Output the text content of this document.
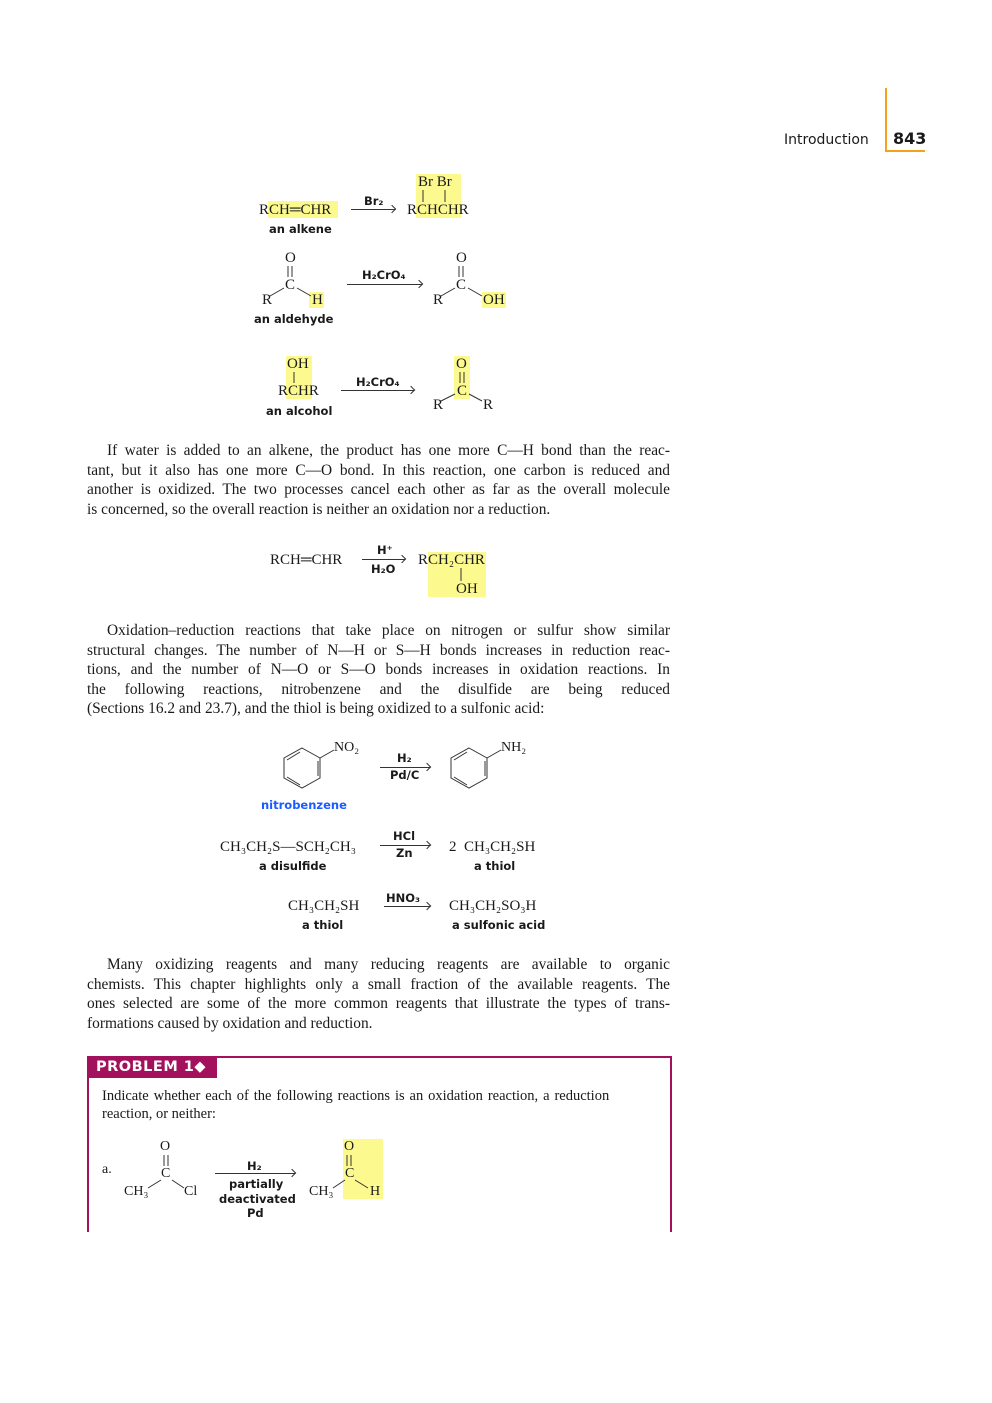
Introduction 843
RCH═CHR
an alkene
Br₂
Br Br
RCHCHR
O
C
R	H
an aldehyde
H₂CrO₄
O
C
R	OH
OH
RCHR
an alcohol
H₂CrO₄
O
C
R	R
If water is added to an alkene, the product has one more C—H bond than the reac-
tant, but it also has one more C—O bond. In this reaction, one carbon is reduced and
another is oxidized. The two processes cancel each other as far as the overall molecule
is concerned, so the overall reaction is neither an oxidation nor a reduction.
RCH═CHR
H⁺
H₂O
RCH₂CHR
OH
Oxidation–reduction reactions that take place on nitrogen or sulfur show similar
structural changes. The number of N—H or S—H bonds increases in reduction reac-
tions, and the number of N—O or S—O bonds increases in oxidation reactions. In
the following reactions, nitrobenzene and the disulfide are being reduced
(Sections 16.2 and 23.7), and the thiol is being oxidized to a sulfonic acid:
NO₂
nitrobenzene
H₂
Pd/C
NH₂
CH₃CH₂S—SCH₂CH₃
a disulfide
HCl
Zn 2  CH₃CH₂SH
a thiol
CH₃CH₂SH
a thiol
HNO₃ CH₃CH₂SO₃H
a sulfonic acid
Many oxidizing reagents and many reducing reagents are available to organic
chemists. This chapter highlights only a small fraction of the available reagents. The
ones selected are some of the more common reagents that illustrate the types of trans-
formations caused by oxidation and reduction.
PROBLEM 1◆
Indicate whether each of the following reactions is an oxidation reaction, a reduction
reaction, or neither:
a.
O
C
CH₃	Cl
H₂
partially
deactivated
Pd
O
C
CH₃	H
